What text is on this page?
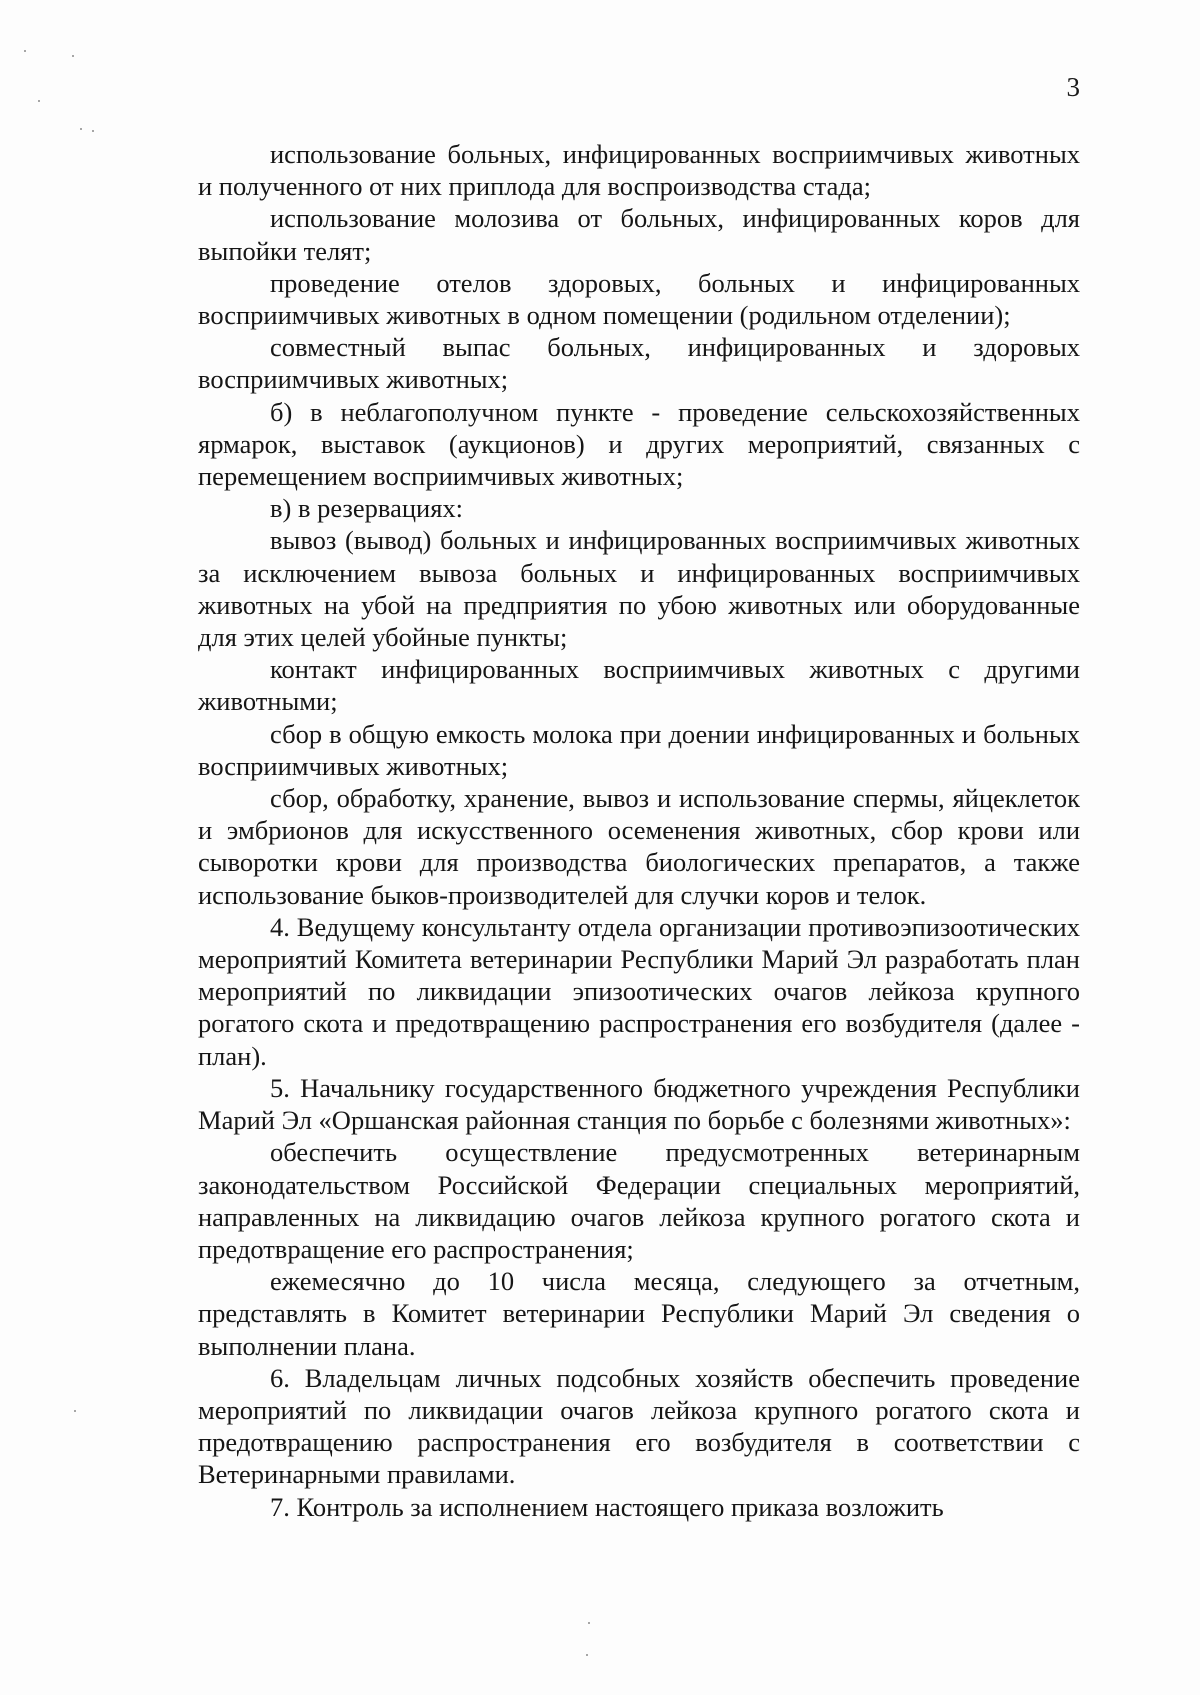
3

использование больных, инфицированных восприимчивых животных и полученного от них приплода для воспроизводства стада;

использование молозива от больных, инфицированных коров для выпойки телят;

проведение отелов здоровых, больных и инфицированных восприимчивых животных в одном помещении (родильном отделении);

совместный выпас больных, инфицированных и здоровых восприимчивых животных;

б) в неблагополучном пункте - проведение сельскохозяйственных ярмарок, выставок (аукционов) и других мероприятий, связанных с перемещением восприимчивых животных;

в) в резервациях:

вывоз (вывод) больных и инфицированных восприимчивых животных за исключением вывоза больных и инфицированных восприимчивых животных на убой на предприятия по убою животных или оборудованные для этих целей убойные пункты;

контакт инфицированных восприимчивых животных с другими животными;

сбор в общую емкость молока при доении инфицированных и больных восприимчивых животных;

сбор, обработку, хранение, вывоз и использование спермы, яйцеклеток и эмбрионов для искусственного осеменения животных, сбор крови или сыворотки крови для производства биологических препаратов, а также использование быков-производителей для случки коров и телок.

4. Ведущему консультанту отдела организации противоэпизоотических мероприятий Комитета ветеринарии Республики Марий Эл разработать план мероприятий по ликвидации эпизоотических очагов лейкоза крупного рогатого скота и предотвращению распространения его возбудителя (далее - план).

5. Начальнику государственного бюджетного учреждения Республики Марий Эл «Оршанская районная станция по борьбе с болезнями животных»:

обеспечить осуществление предусмотренных ветеринарным законодательством Российской Федерации специальных мероприятий, направленных на ликвидацию очагов лейкоза крупного рогатого скота и предотвращение его распространения;

ежемесячно до 10 числа месяца, следующего за отчетным, представлять в Комитет ветеринарии Республики Марий Эл сведения о выполнении плана.

6. Владельцам личных подсобных хозяйств обеспечить проведение мероприятий по ликвидации очагов лейкоза крупного рогатого скота и предотвращению распространения его возбудителя в соответствии с Ветеринарными правилами.

7. Контроль за исполнением настоящего приказа возложить
